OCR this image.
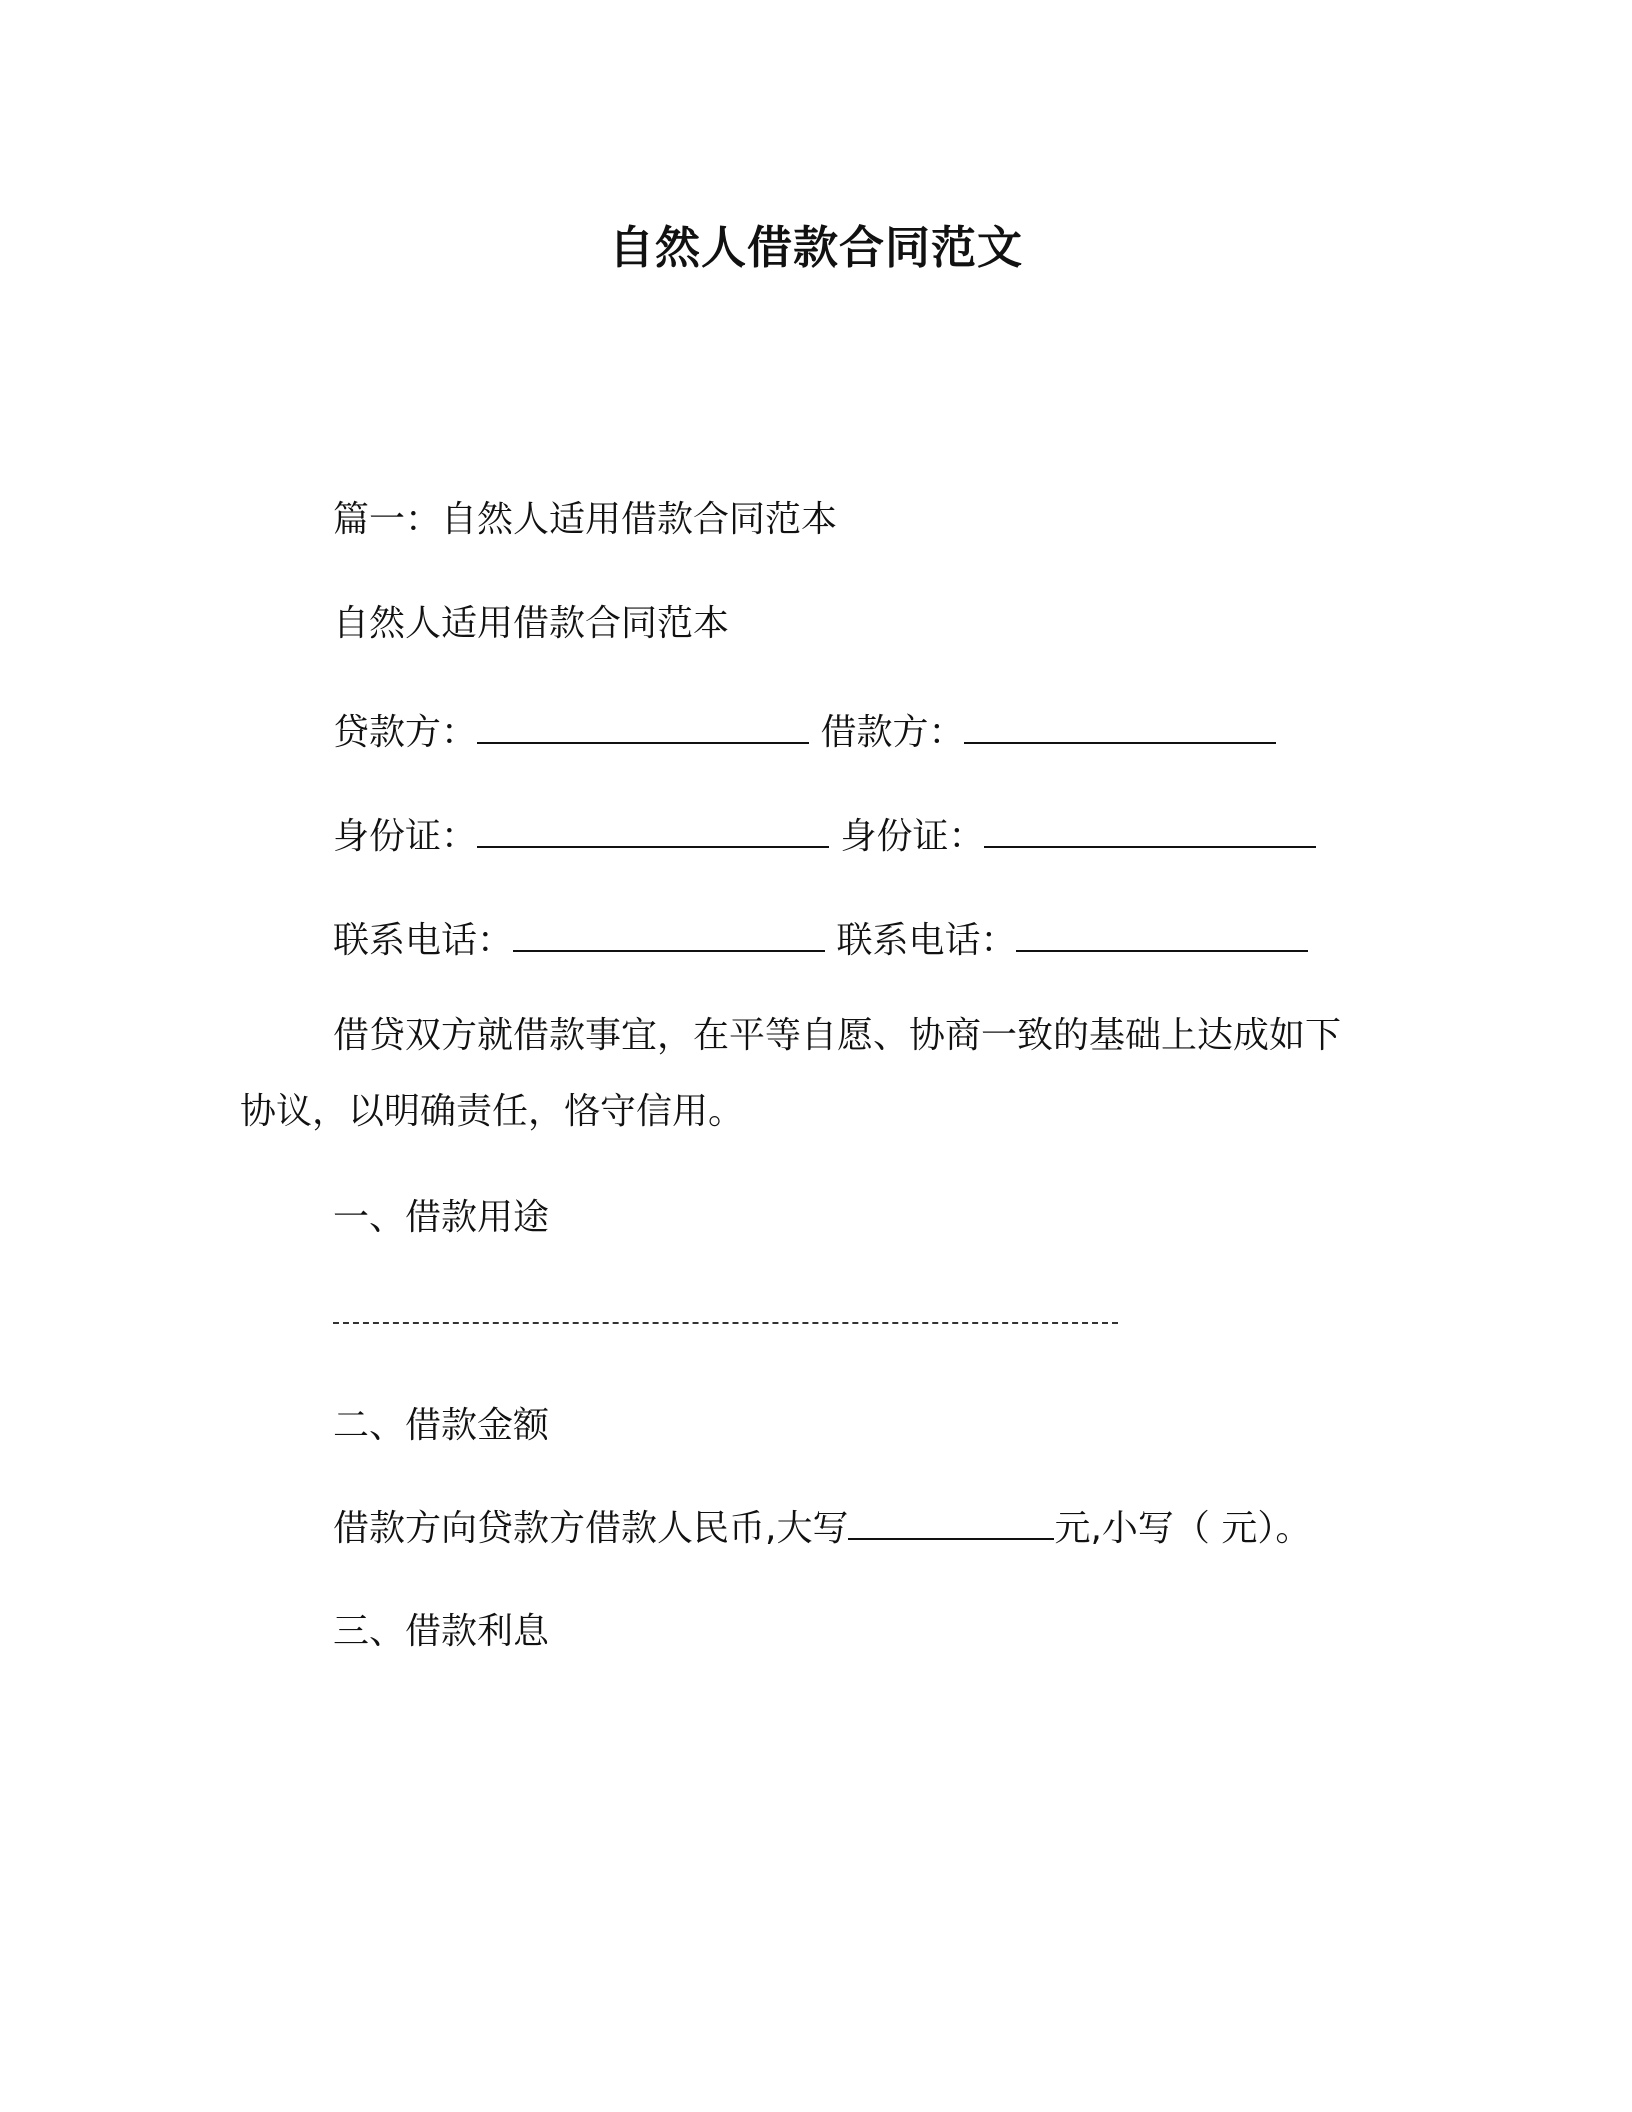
自然人借款合同范文
篇一：自然人适用借款合同范本
自然人适用借款合同范本
贷款方：	借款方：
身份证：	身份证：
联系电话：	联系电话：
借贷双方就借款事宜，在平等自愿、协商一致的基础上达成如下
协议，以明确责任，恪守信用。
一、借款用途
二、借款金额
借款方向贷款方借款人民币,大写	元,小写（ 元）。
三、借款利息
